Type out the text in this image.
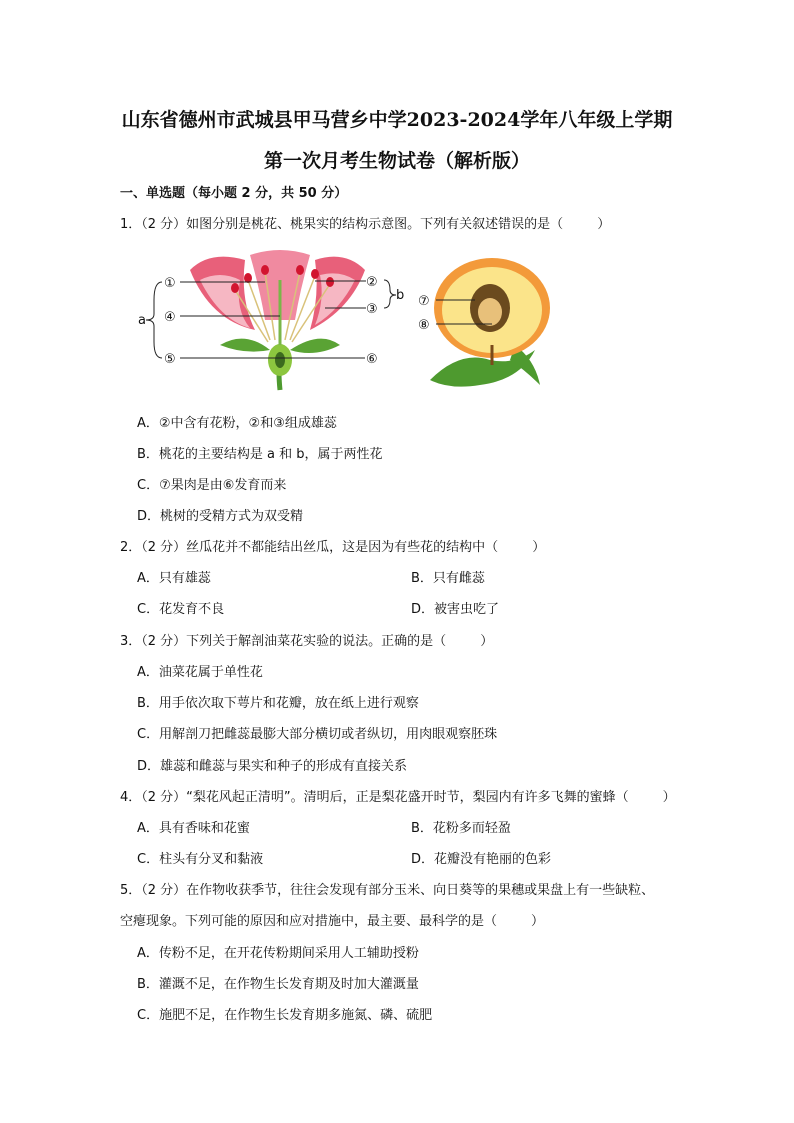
山东省德州市武城县甲马营乡中学2023-2024学年八年级上学期
第一次月考生物试卷（解析版）
一、单选题（每小题 2 分，共 50 分）
1．（2 分）如图分别是桃花、桃果实的结构示意图。下列有关叙述错误的是（	）
①	②
③
④
⑤	⑥
a
b ⑦
⑧
A．②中含有花粉，②和③组成雄蕊
B．桃花的主要结构是 a 和 b，属于两性花
C．⑦果肉是由⑥发育而来
D．桃树的受精方式为双受精
2．（2 分）丝瓜花并不都能结出丝瓜，这是因为有些花的结构中（	）
A．只有雄蕊	B．只有雌蕊
C．花发育不良	D．被害虫吃了
3．（2 分）下列关于解剖油菜花实验的说法。正确的是（	）
A．油菜花属于单性花
B．用手依次取下萼片和花瓣，放在纸上进行观察
C．用解剖刀把雌蕊最膨大部分横切或者纵切，用肉眼观察胚珠
D．雄蕊和雌蕊与果实和种子的形成有直接关系
4．（2 分）“梨花风起正清明”。清明后，正是梨花盛开时节，梨园内有许多飞舞的蜜蜂（	）
A．具有香味和花蜜	B．花粉多而轻盈
C．柱头有分叉和黏液	D．花瓣没有艳丽的色彩
5．（2 分）在作物收获季节，往往会发现有部分玉米、向日葵等的果穗或果盘上有一些缺粒、
空瘪现象。下列可能的原因和应对措施中，最主要、最科学的是（	）
A．传粉不足，在开花传粉期间采用人工辅助授粉
B．灌溉不足，在作物生长发育期及时加大灌溉量
C．施肥不足，在作物生长发育期多施氮、磷、硫肥
